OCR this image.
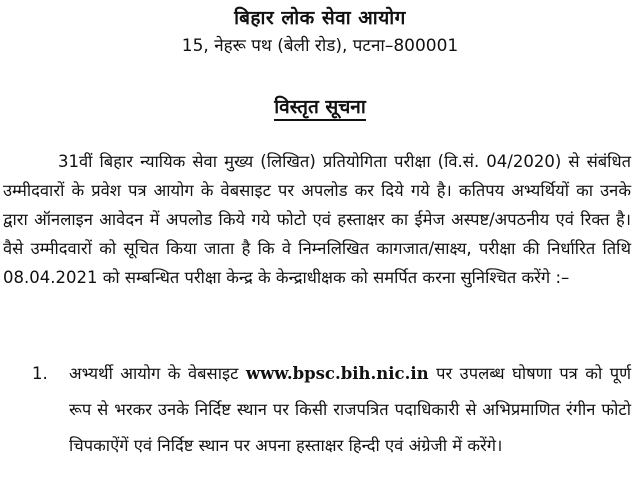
बिहार लोक सेवा आयोग
15, नेहरू पथ (बेली रोड), पटना–800001
विस्तृत सूचना

31वीं बिहार न्यायिक सेवा मुख्य (लिखित) प्रतियोगिता परीक्षा (वि.सं. 04/2020) से संबंधित उम्मीदवारों के प्रवेश पत्र आयोग के वेबसाइट पर अपलोड कर दिये गये है। कतिपय अभ्यर्थियों का उनके द्वारा ऑनलाइन आवेदन में अपलोड किये गये फोटो एवं हस्ताक्षर का ईमेज अस्पष्ट/अपठनीय एवं रिक्त है। वैसे उम्मीदवारों को सूचित किया जाता है कि वे निम्नलिखित कागजात/साक्ष्य, परीक्षा की निर्धारित तिथि 08.04.2021 को सम्बन्धित परीक्षा केन्द्र के केन्द्राधीक्षक को समर्पित करना सुनिश्चित करेंगे :–

1. अभ्यर्थी आयोग के वेबसाइट www.bpsc.bih.nic.in पर उपलब्ध घोषणा पत्र को पूर्ण रूप से भरकर उनके निर्दिष्ट स्थान पर किसी राजपत्रित पदाधिकारी से अभिप्रमाणित रंगीन फोटो चिपकाऐंगें एवं निर्दिष्ट स्थान पर अपना हस्ताक्षर हिन्दी एवं अंग्रेजी में करेंगे।
